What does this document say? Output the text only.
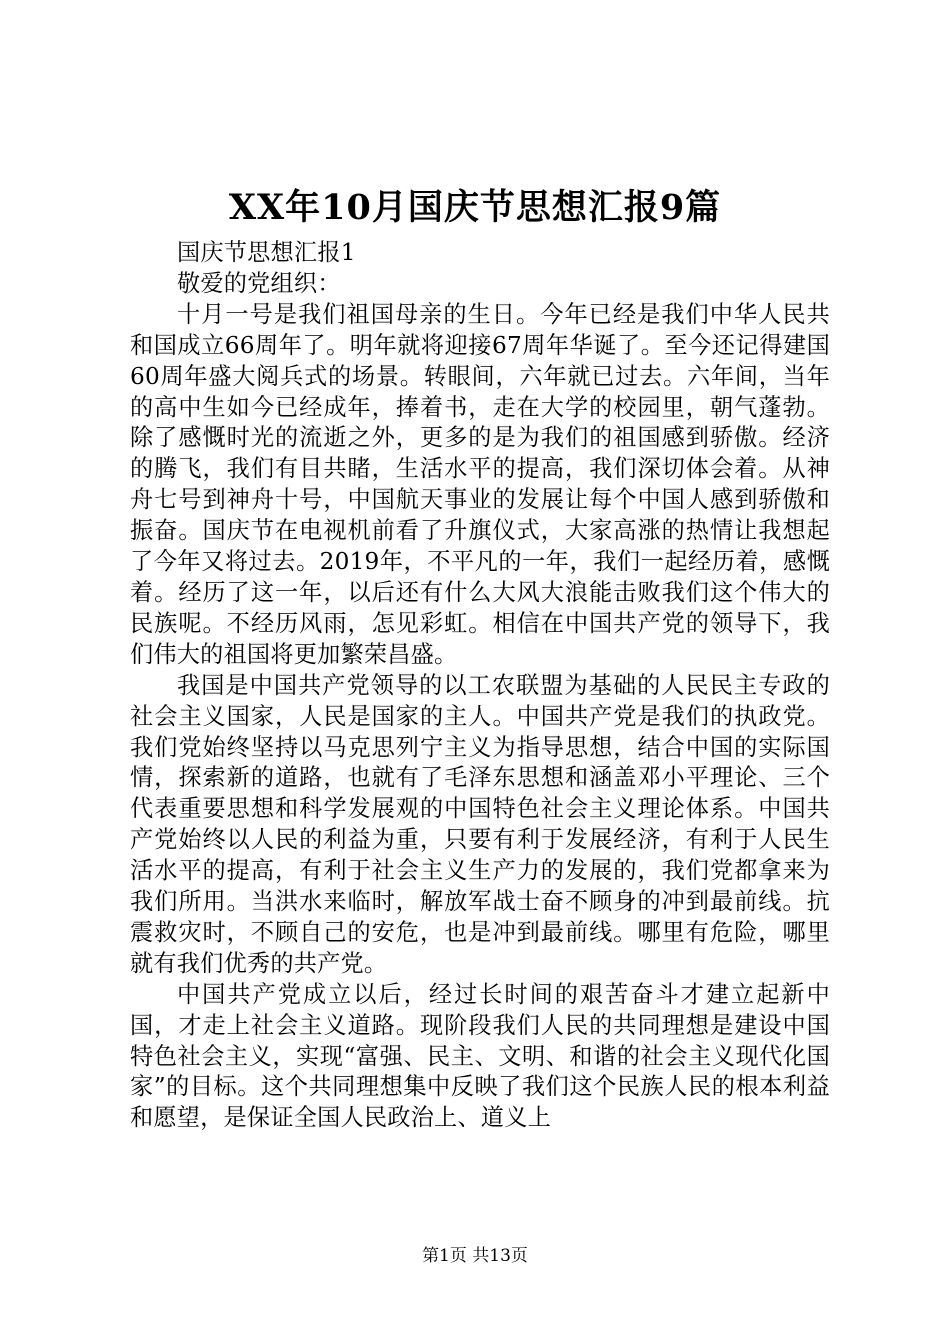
XX年10月国庆节思想汇报9篇

国庆节思想汇报1

敬爱的党组织：

十月一号是我们祖国母亲的生日。今年已经是我们中华人民共和国成立66周年了。明年就将迎接67周年华诞了。至今还记得建国60周年盛大阅兵式的场景。转眼间，六年就已过去。六年间，当年的高中生如今已经成年，捧着书，走在大学的校园里，朝气蓬勃。除了感慨时光的流逝之外，更多的是为我们的祖国感到骄傲。经济的腾飞，我们有目共睹，生活水平的提高，我们深切体会着。从神舟七号到神舟十号，中国航天事业的发展让每个中国人感到骄傲和振奋。国庆节在电视机前看了升旗仪式，大家高涨的热情让我想起了今年又将过去。2019年，不平凡的一年，我们一起经历着，感慨着。经历了这一年，以后还有什么大风大浪能击败我们这个伟大的民族呢。不经历风雨，怎见彩虹。相信在中国共产党的领导下，我们伟大的祖国将更加繁荣昌盛。

我国是中国共产党领导的以工农联盟为基础的人民民主专政的社会主义国家，人民是国家的主人。中国共产党是我们的执政党。我们党始终坚持以马克思列宁主义为指导思想，结合中国的实际国情，探索新的道路，也就有了毛泽东思想和涵盖邓小平理论、三个代表重要思想和科学发展观的中国特色社会主义理论体系。中国共产党始终以人民的利益为重，只要有利于发展经济，有利于人民生活水平的提高，有利于社会主义生产力的发展的，我们党都拿来为我们所用。当洪水来临时，解放军战士奋不顾身的冲到最前线。抗震救灾时，不顾自己的安危，也是冲到最前线。哪里有危险，哪里就有我们优秀的共产党。

中国共产党成立以后，经过长时间的艰苦奋斗才建立起新中国，才走上社会主义道路。现阶段我们人民的共同理想是建设中国特色社会主义，实现“富强、民主、文明、和谐的社会主义现代化国家”的目标。这个共同理想集中反映了我们这个民族人民的根本利益和愿望，是保证全国人民政治上、道义上

第1页 共13页
